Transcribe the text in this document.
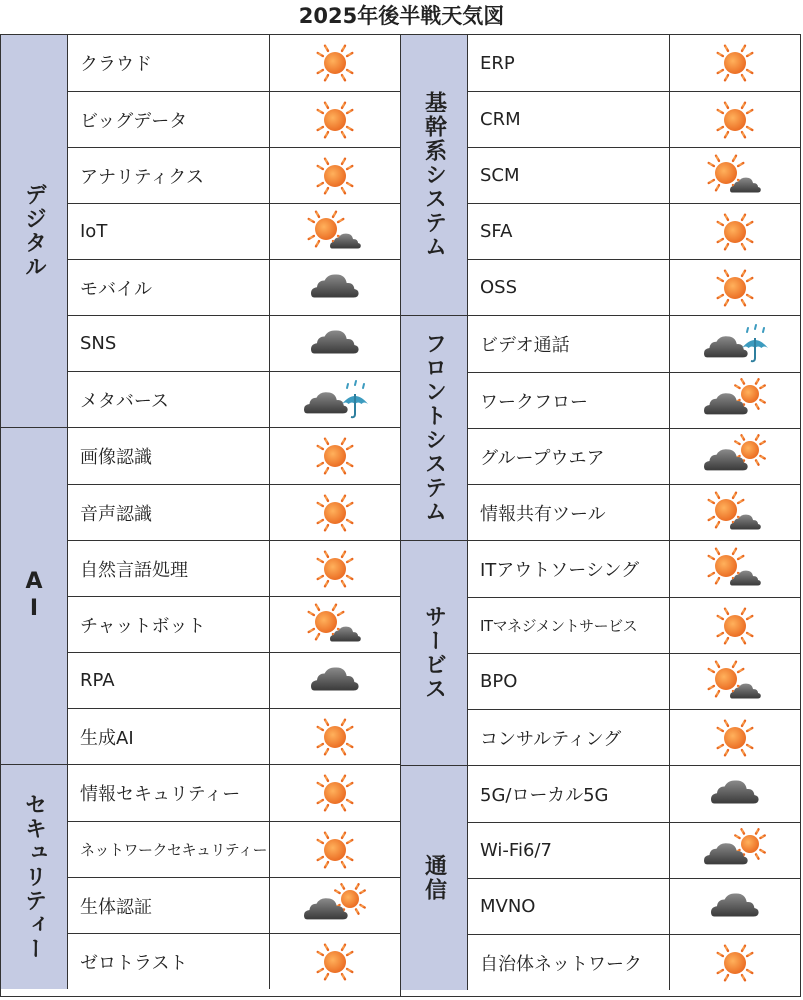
2025年後半戦天気図
デジタル
クラウド
ビッグデータ
アナリティクス
IoT
モバイル
SNS
メタバース
AI
画像認識
音声認識
自然言語処理
チャットボット
RPA
生成AI
セキュリティー	情報セキュリティー
ネットワークセキュリティー
生体認証
ゼロトラスト
基幹系システム
ERP
CRM
SCM
SFA
OSS
フロントシステム	ビデオ通話
ワークフロー
グループウエア
情報共有ツール
サービス
ITアウトソーシング
ITマネジメントサービス
BPO
コンサルティング
通信
5G/ローカル5G
Wi-Fi6/7
MVNO
自治体ネットワーク
